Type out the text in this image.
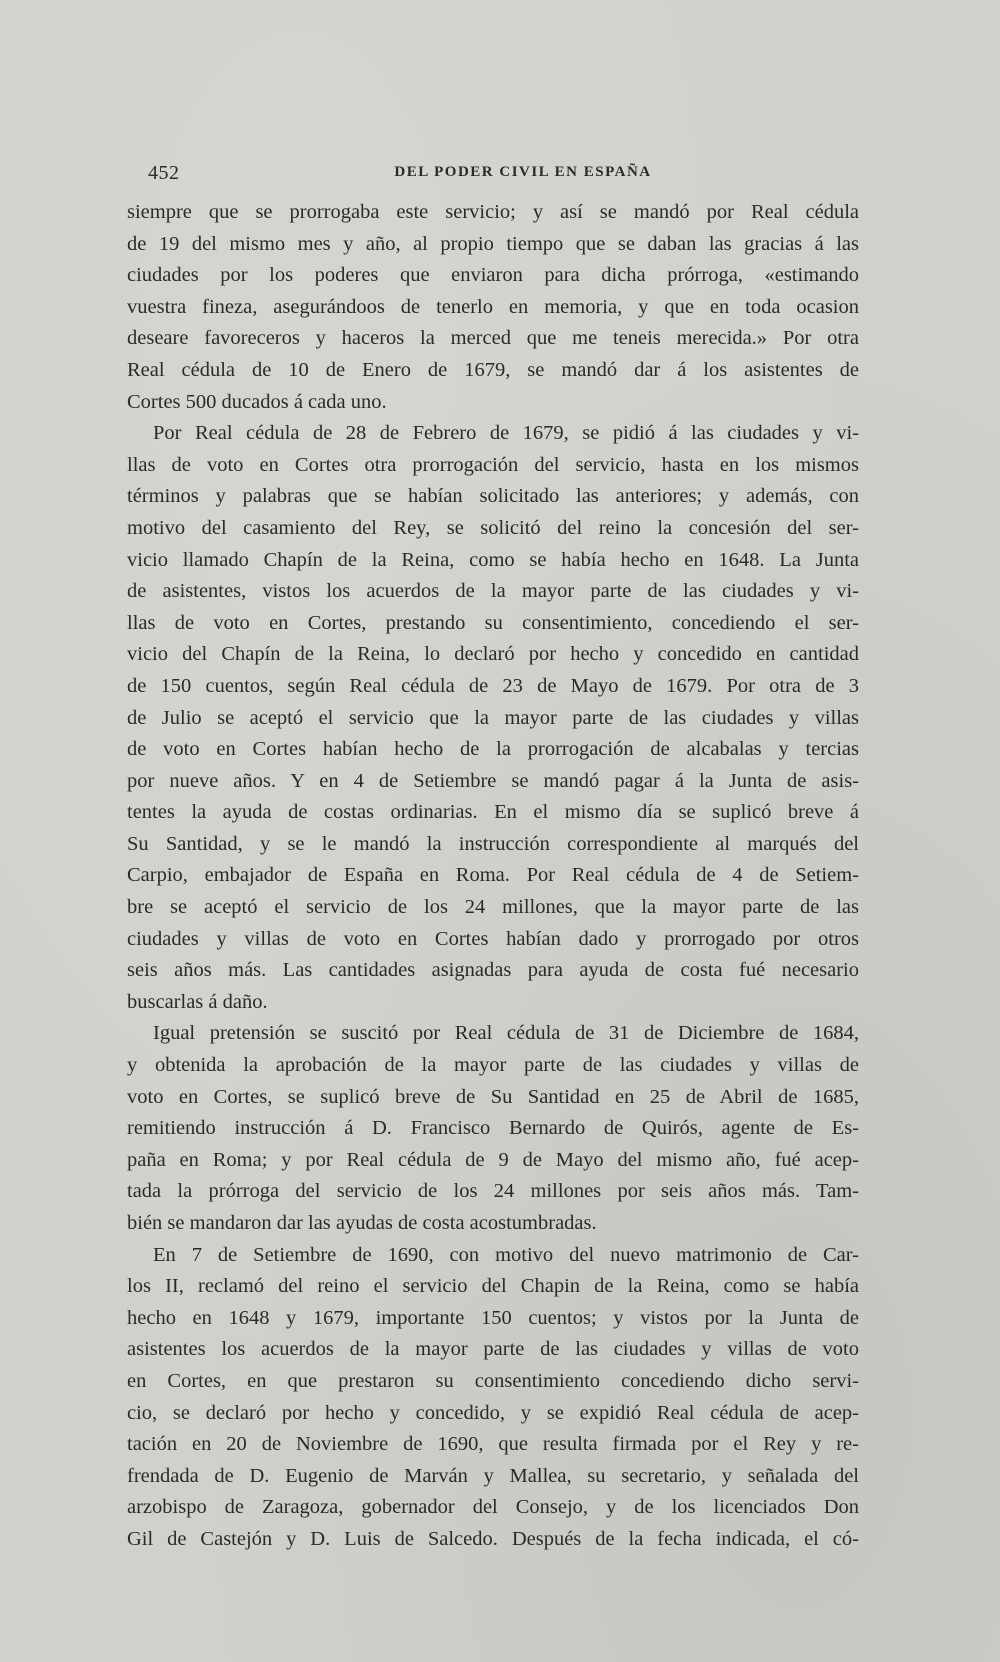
452	DEL PODER CIVIL EN ESPAÑA
siempre que se prorrogaba este servicio; y así se mandó por Real cédula
de 19 del mismo mes y año, al propio tiempo que se daban las gracias á las
ciudades por los poderes que enviaron para dicha prórroga, «estimando
vuestra fineza, asegurándoos de tenerlo en memoria, y que en toda ocasion
deseare favoreceros y haceros la merced que me teneis merecida.» Por otra
Real cédula de 10 de Enero de 1679, se mandó dar á los asistentes de
Cortes 500 ducados á cada uno.
Por Real cédula de 28 de Febrero de 1679, se pidió á las ciudades y vi-
llas de voto en Cortes otra prorrogación del servicio, hasta en los mismos
términos y palabras que se habían solicitado las anteriores; y además, con
motivo del casamiento del Rey, se solicitó del reino la concesión del ser-
vicio llamado Chapín de la Reina, como se había hecho en 1648. La Junta
de asistentes, vistos los acuerdos de la mayor parte de las ciudades y vi-
llas de voto en Cortes, prestando su consentimiento, concediendo el ser-
vicio del Chapín de la Reina, lo declaró por hecho y concedido en cantidad
de 150 cuentos, según Real cédula de 23 de Mayo de 1679. Por otra de 3
de Julio se aceptó el servicio que la mayor parte de las ciudades y villas
de voto en Cortes habían hecho de la prorrogación de alcabalas y tercias
por nueve años. Y en 4 de Setiembre se mandó pagar á la Junta de asis-
tentes la ayuda de costas ordinarias. En el mismo día se suplicó breve á
Su Santidad, y se le mandó la instrucción correspondiente al marqués del
Carpio, embajador de España en Roma. Por Real cédula de 4 de Setiem-
bre se aceptó el servicio de los 24 millones, que la mayor parte de las
ciudades y villas de voto en Cortes habían dado y prorrogado por otros
seis años más. Las cantidades asignadas para ayuda de costa fué necesario
buscarlas á daño.
Igual pretensión se suscitó por Real cédula de 31 de Diciembre de 1684,
y obtenida la aprobación de la mayor parte de las ciudades y villas de
voto en Cortes, se suplicó breve de Su Santidad en 25 de Abril de 1685,
remitiendo instrucción á D. Francisco Bernardo de Quirós, agente de Es-
paña en Roma; y por Real cédula de 9 de Mayo del mismo año, fué acep-
tada la prórroga del servicio de los 24 millones por seis años más. Tam-
bién se mandaron dar las ayudas de costa acostumbradas.
En 7 de Setiembre de 1690, con motivo del nuevo matrimonio de Car-
los II, reclamó del reino el servicio del Chapin de la Reina, como se había
hecho en 1648 y 1679, importante 150 cuentos; y vistos por la Junta de
asistentes los acuerdos de la mayor parte de las ciudades y villas de voto
en Cortes, en que prestaron su consentimiento concediendo dicho servi-
cio, se declaró por hecho y concedido, y se expidió Real cédula de acep-
tación en 20 de Noviembre de 1690, que resulta firmada por el Rey y re-
frendada de D. Eugenio de Marván y Mallea, su secretario, y señalada del
arzobispo de Zaragoza, gobernador del Consejo, y de los licenciados Don
Gil de Castejón y D. Luis de Salcedo. Después de la fecha indicada, el có-
